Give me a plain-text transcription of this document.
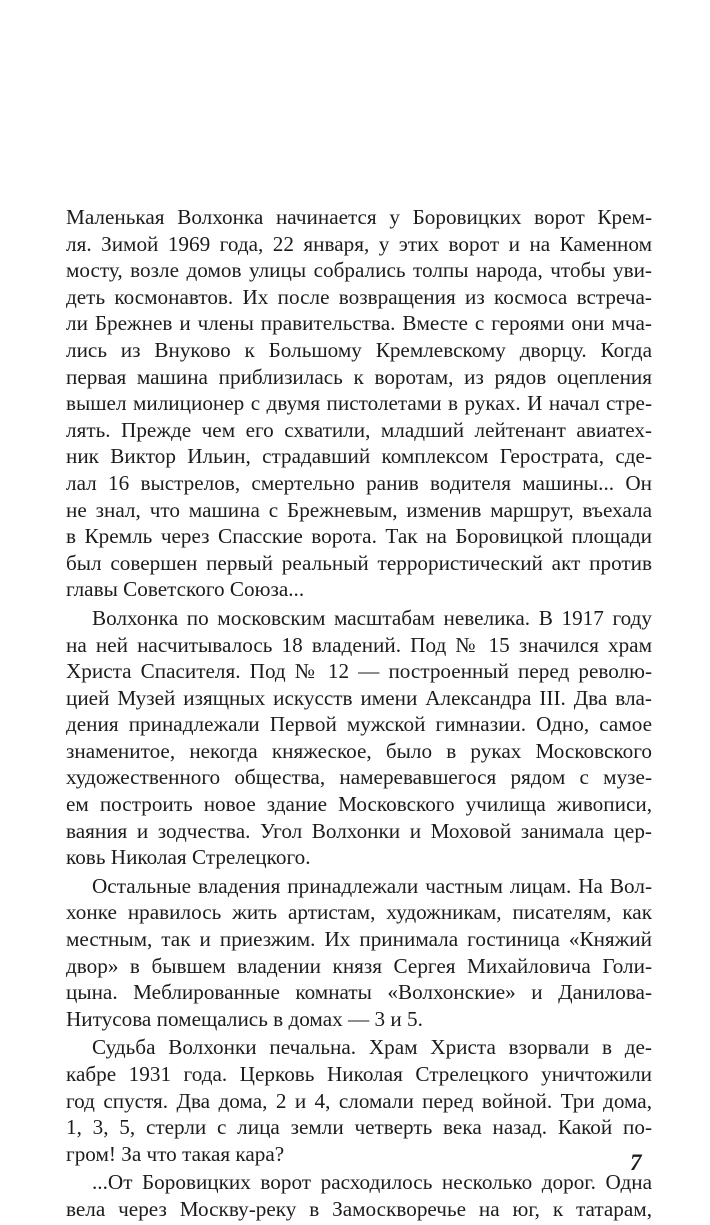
Маленькая Волхонка начинается у Боровицких ворот Крем-
ля. Зимой 1969 года, 22 января, у этих ворот и на Каменном
мосту, возле домов улицы собрались толпы народа, чтобы уви-
деть космонавтов. Их после возвращения из космоса встреча-
ли Брежнев и члены правительства. Вместе с героями они мча-
лись из Внуково к Большому Кремлевскому дворцу. Когда
первая машина приблизилась к воротам, из рядов оцепления
вышел милиционер с двумя пистолетами в руках. И начал стре-
лять. Прежде чем его схватили, младший лейтенант авиатех-
ник Виктор Ильин, страдавший комплексом Герострата, сде-
лал 16 выстрелов, смертельно ранив водителя машины... Он
не знал, что машина с Брежневым, изменив маршрут, въехала
в Кремль через Спасские ворота. Так на Боровицкой площади
был совершен первый реальный террористический акт против
главы Советского Союза...
Волхонка по московским масштабам невелика. В 1917 году
на ней насчитывалось 18 владений. Под № 15 значился храм
Христа Спасителя. Под № 12 — построенный перед револю-
цией Музей изящных искусств имени Александра III. Два вла-
дения принадлежали Первой мужской гимназии. Одно, самое
знаменитое, некогда княжеское, было в руках Московского
художественного общества, намеревавшегося рядом с музе-
ем построить новое здание Московского училища живописи,
ваяния и зодчества. Угол Волхонки и Моховой занимала цер-
ковь Николая Стрелецкого.
Остальные владения принадлежали частным лицам. На Вол-
хонке нравилось жить артистам, художникам, писателям, как
местным, так и приезжим. Их принимала гостиница «Княжий
двор» в бывшем владении князя Сергея Михайловича Голи-
цына. Меблированные комнаты «Волхонские» и Данилова-
Нитусова помещались в домах — 3 и 5.
Судьба Волхонки печальна. Храм Христа взорвали в де-
кабре 1931 года. Церковь Николая Стрелецкого уничтожили
год спустя. Два дома, 2 и 4, сломали перед войной. Три дома,
1, 3, 5, стерли с лица земли четверть века назад. Какой по-
гром! За что такая кара?
...От Боровицких ворот расходилось несколько дорог. Одна
вела через Москву-реку в Замоскворечье на юг, к татарам,
7
